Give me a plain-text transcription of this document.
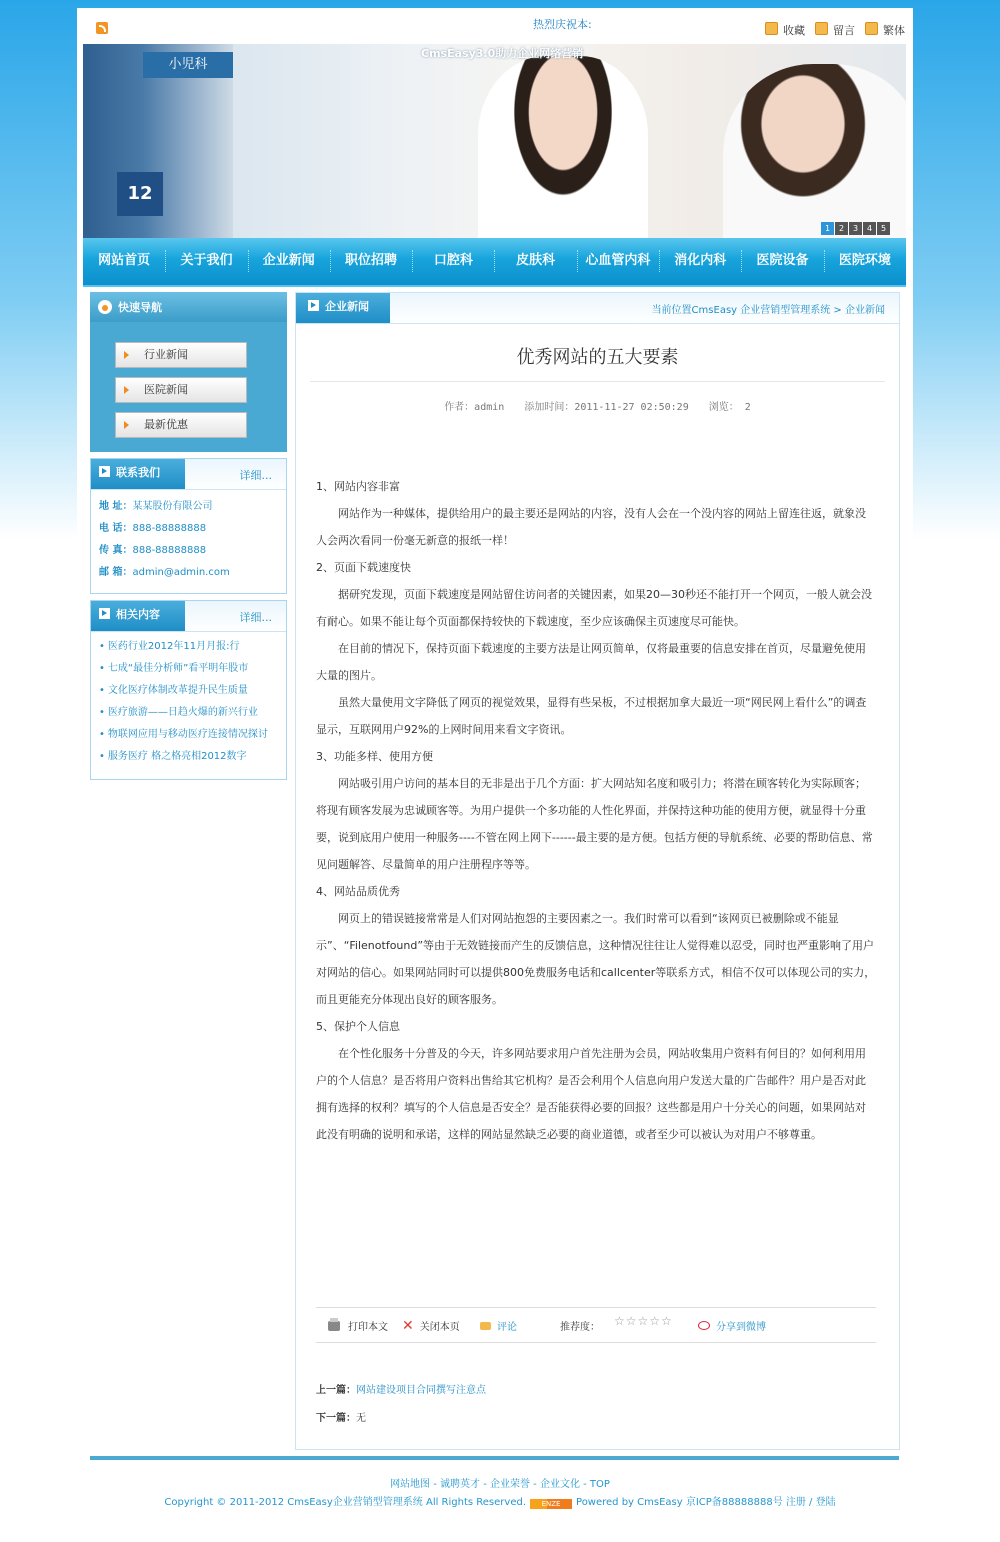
热烈庆祝本:	收藏	留言	繁体
小児科
12
CmsEasy3.0助力企业网络营销
1	2	3	4	5
网站首页	关于我们	企业新闻	职位招聘	口腔科	皮肤科	心血管内科	消化内科	医院设备	医院环境
快速导航
行业新闻
医院新闻
最新优惠
联系我们	详细...
地 址：某某股份有限公司
电 话：888-88888888
传 真：888-88888888
邮 箱：admin@admin.com
相关内容	详细...
• 医药行业2012年11月月报:行
• 七成“最佳分析师”看平明年股市
• 文化医疗体制改革提升民生质量
• 医疗旅游——日趋火爆的新兴行业
• 物联网应用与移动医疗连接情况探讨
• 服务医疗 格之格亮相2012数字
企业新闻	当前位置CmsEasy 企业营销型管理系统 > 企业新闻
优秀网站的五大要素
作者：admin 添加时间：2011-11-27 02:50:29 浏览： 2

1、网站内容非富

网站作为一种媒体，提供给用户的最主要还是网站的内容，没有人会在一个没内容的网站上留连往返，就象没人会两次看同一份毫无新意的报纸一样！

2、页面下载速度快

据研究发现，页面下载速度是网站留住访问者的关键因素，如果20—30秒还不能打开一个网页，一般人就会没有耐心。如果不能让每个页面都保持较快的下载速度，至少应该确保主页速度尽可能快。

在目前的情况下，保持页面下载速度的主要方法是让网页简单，仅将最重要的信息安排在首页，尽量避免使用大量的图片。

虽然大量使用文字降低了网页的视觉效果，显得有些呆板，不过根据加拿大最近一项“网民网上看什么”的调查显示，互联网用户92%的上网时间用来看文字资讯。

3、功能多样、使用方便

网站吸引用户访问的基本目的无非是出于几个方面：扩大网站知名度和吸引力；将潜在顾客转化为实际顾客；将现有顾客发展为忠诚顾客等。为用户提供一个多功能的人性化界面，并保持这种功能的使用方便，就显得十分重要，说到底用户使用一种服务----不管在网上网下------最主要的是方便。包括方便的导航系统、必要的帮助信息、常见问题解答、尽量简单的用户注册程序等等。

4、网站品质优秀

网页上的错误链接常常是人们对网站抱怨的主要因素之一。我们时常可以看到“该网页已被删除或不能显示”、“Filenotfound”等由于无效链接而产生的反馈信息，这种情况往往让人觉得难以忍受，同时也严重影响了用户对网站的信心。如果网站同时可以提供800免费服务电话和callcenter等联系方式，相信不仅可以体现公司的实力，而且更能充分体现出良好的顾客服务。

5、保护个人信息

在个性化服务十分普及的今天，许多网站要求用户首先注册为会员，网站收集用户资料有何目的？如何利用用户的个人信息？是否将用户资料出售给其它机构？是否会利用个人信息向用户发送大量的广告邮件？用户是否对此拥有选择的权利？填写的个人信息是否安全？是否能获得必要的回报？这些都是用户十分关心的问题，如果网站对此没有明确的说明和承诺，这样的网站显然缺乏必要的商业道德，或者至少可以被认为对用户不够尊重。

打印本文 ✕ 关闭本页	评论	推荐度： ☆☆☆☆☆	分享到微博
上一篇：网站建设项目合同撰写注意点
下一篇：无
网站地图 - 诚聘英才 - 企业荣誉 - 企业文化 - TOP
Copyright © 2011-2012 CmsEasy企业营销型管理系统 All Rights Reserved. ENZE Powered by CmsEasy 京ICP备88888888号 注册 / 登陆
